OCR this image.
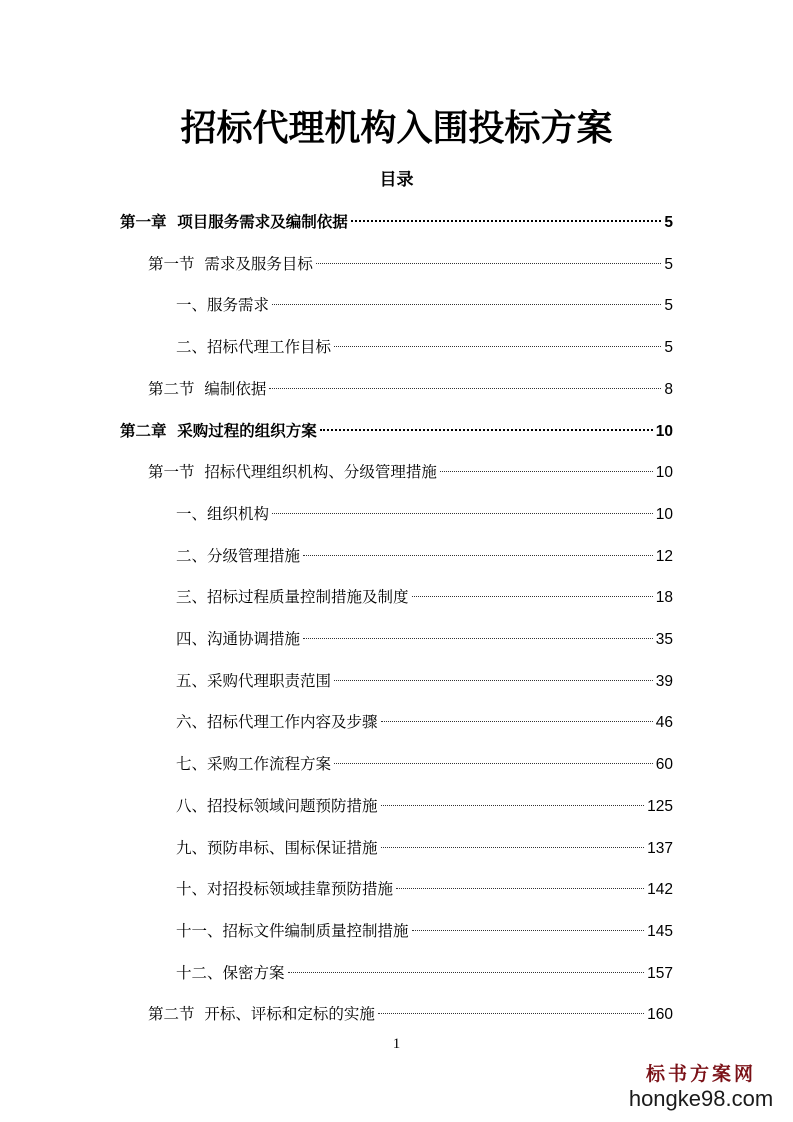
招标代理机构入围投标方案
目录
第一章  项目服务需求及编制依据	5
第一节  需求及服务目标	5
一、服务需求	5
二、招标代理工作目标	5
第二节  编制依据	8
第二章  采购过程的组织方案	10
第一节  招标代理组织机构、分级管理措施	10
一、组织机构	10
二、分级管理措施	12
三、招标过程质量控制措施及制度	18
四、沟通协调措施	35
五、采购代理职责范围	39
六、招标代理工作内容及步骤	46
七、采购工作流程方案	60
八、招投标领域问题预防措施	125
九、预防串标、围标保证措施	137
十、对招投标领域挂靠预防措施	142
十一、招标文件编制质量控制措施	145
十二、保密方案	157
第二节  开标、评标和定标的实施	160
1
标书方案网
hongke98.com
